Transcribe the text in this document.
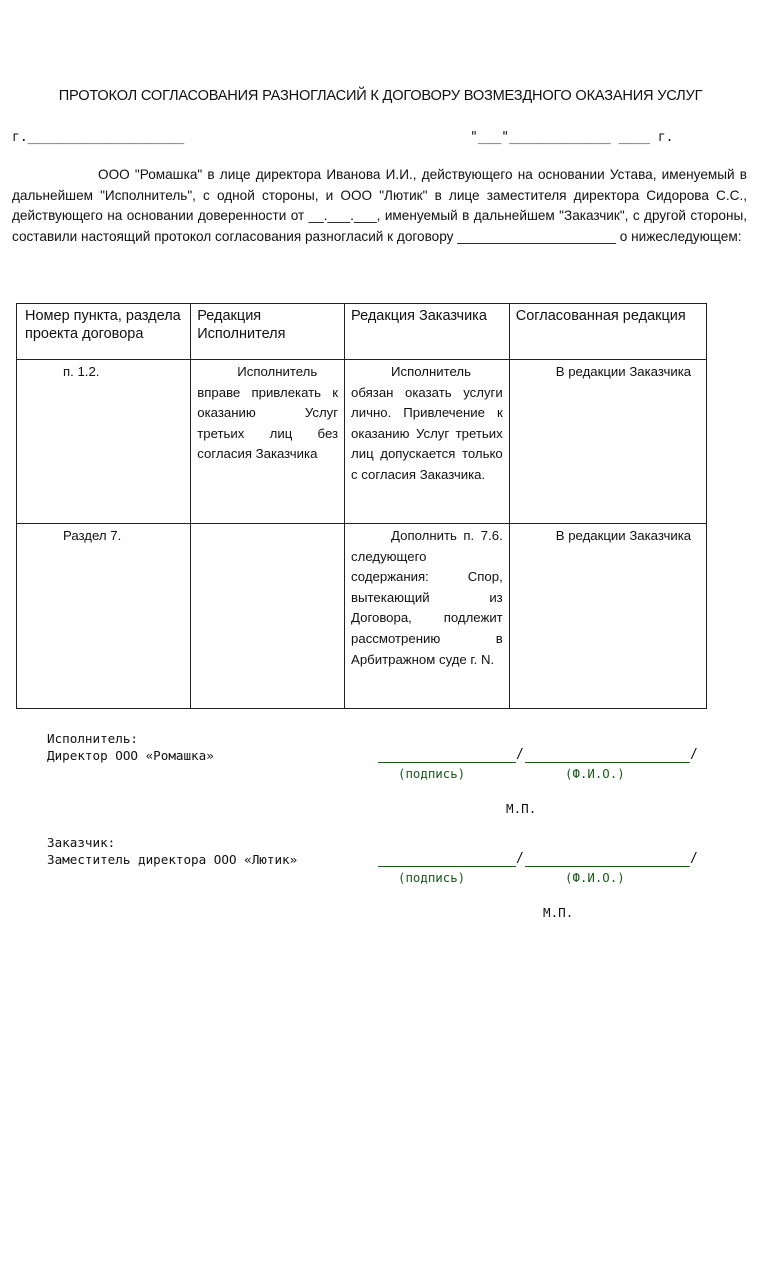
ПРОТОКОЛ СОГЛАСОВАНИЯ РАЗНОГЛАСИЙ К ДОГОВОРУ ВОЗМЕЗДНОГО ОКАЗАНИЯ УСЛУГ
г.____________________	"___"_____________ ____ г.

ООО "Ромашка" в лице директора Иванова И.И., действующего на основании Устава, именуемый в дальнейшем "Исполнитель", с одной стороны, и ООО "Лютик" в лице заместителя директора Сидорова С.С., действующего на основании доверенности от __.___.___, именуемый в дальнейшем "Заказчик", с другой стороны, составили настоящий протокол согласования разногласий к договору _____________________ о нижеследующем:

Номер пункта, раздела проекта договора	Редакция Исполнителя	Редакция Заказчика	Согласованная редакция

п. 1.2.	Исполнитель вправе привлекать к оказанию Услуг третьих лиц без согласия Заказчика	Исполнитель обязан оказать услуги лично. Привлечение к оказанию Услуг третьих лиц допускается только с согласия Заказчика.	В редакции Заказчика

Раздел 7.		Дополнить п. 7.6. следующего содержания: Спор, вытекающий из Договора, подлежит рассмотрению в Арбитражном суде г. N.	В редакции Заказчика
Исполнитель:
Директор ООО «Ромашка»	/	/
(подпись)	(Ф.И.О.)
М.П.
Заказчик:
Заместитель директора ООО «Лютик»	/	/
(подпись)	(Ф.И.О.)
М.П.
